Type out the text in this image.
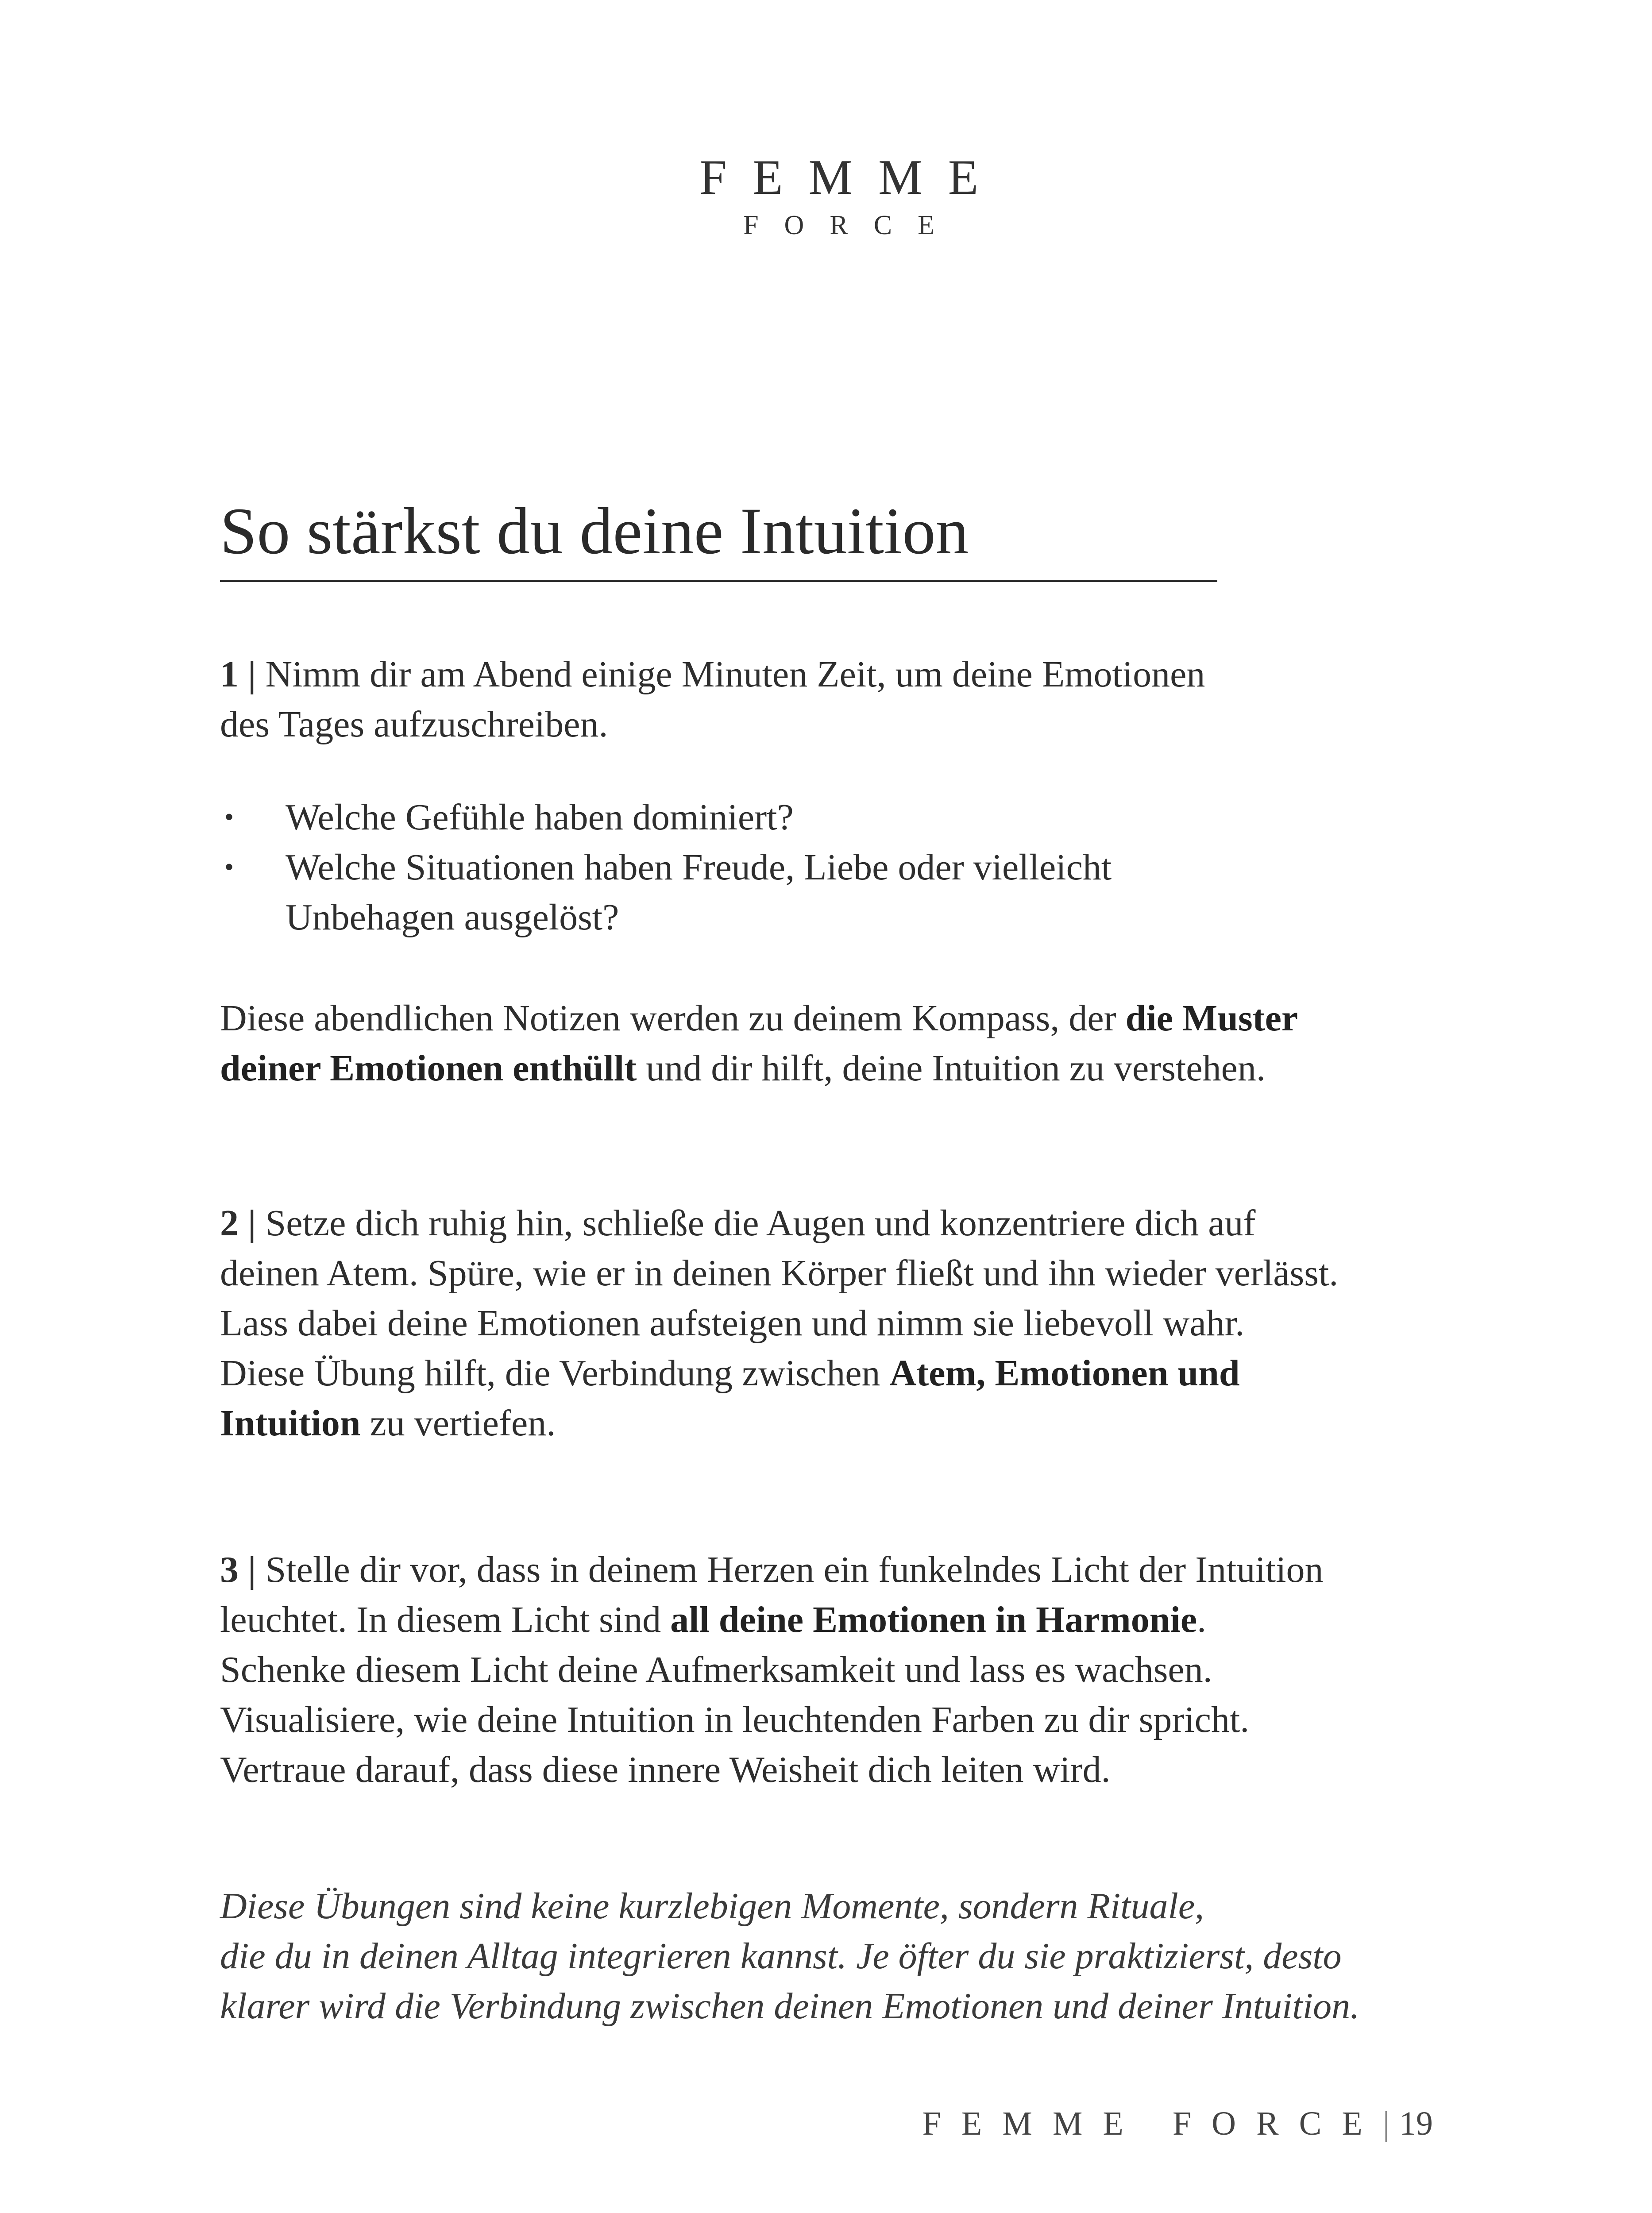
FEMME
FORCE
So stärkst du deine Intuition
1 | Nimm dir am Abend einige Minuten Zeit, um deine Emotionen
des Tages aufzuschreiben.
• Welche Gefühle haben dominiert?
• Welche Situationen haben Freude, Liebe oder vielleicht
Unbehagen ausgelöst?
Diese abendlichen Notizen werden zu deinem Kompass, der die Muster
deiner Emotionen enthüllt und dir hilft, deine Intuition zu verstehen.
2 | Setze dich ruhig hin, schließe die Augen und konzentriere dich auf
deinen Atem. Spüre, wie er in deinen Körper fließt und ihn wieder verlässt.
Lass dabei deine Emotionen aufsteigen und nimm sie liebevoll wahr.
Diese Übung hilft, die Verbindung zwischen Atem, Emotionen und
Intuition zu vertiefen.
3 | Stelle dir vor, dass in deinem Herzen ein funkelndes Licht der Intuition
leuchtet. In diesem Licht sind all deine Emotionen in Harmonie.
Schenke diesem Licht deine Aufmerksamkeit und lass es wachsen.
Visualisiere, wie deine Intuition in leuchtenden Farben zu dir spricht.
Vertraue darauf, dass diese innere Weisheit dich leiten wird.
Diese Übungen sind keine kurzlebigen Momente, sondern Rituale,
die du in deinen Alltag integrieren kannst. Je öfter du sie praktizierst, desto
klarer wird die Verbindung zwischen deinen Emotionen und deiner Intuition.
FEMME FORCE| 19
